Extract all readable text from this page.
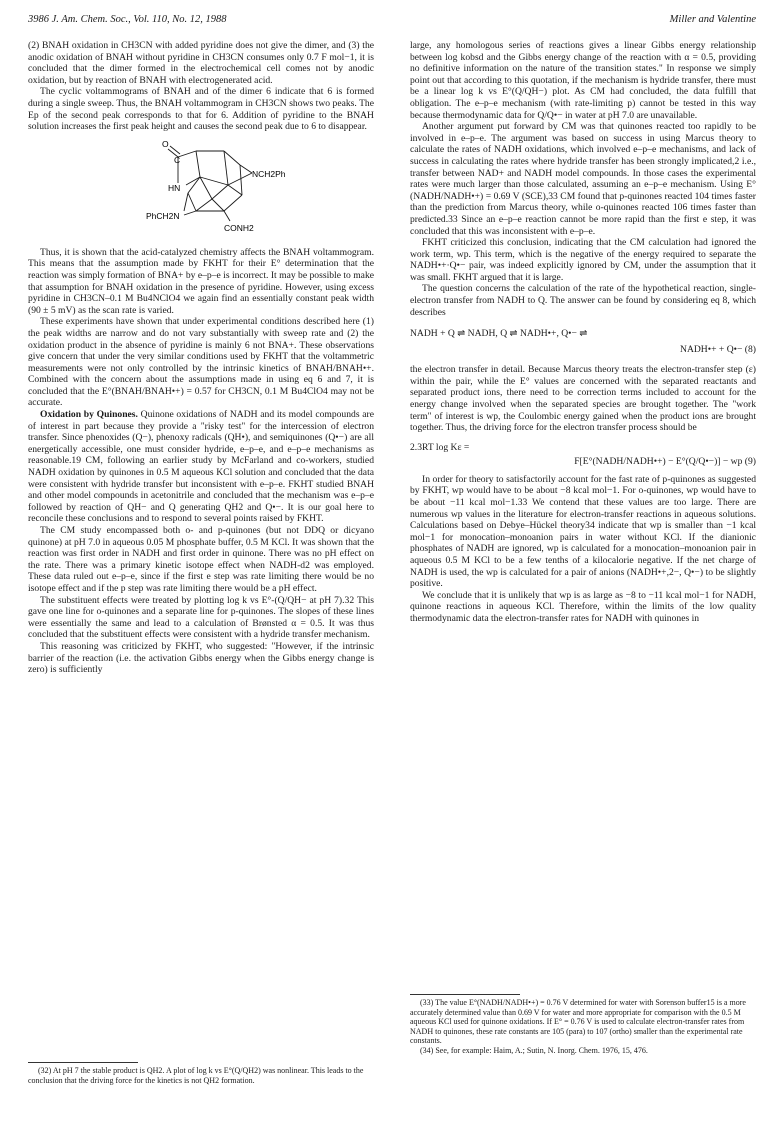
3986 J. Am. Chem. Soc., Vol. 110, No. 12, 1988	Miller and Valentine

(2) BNAH oxidation in CH3CN with added pyridine does not give the dimer, and (3) the anodic oxidation of BNAH without pyridine in CH3CN consumes only 0.7 F mol−1, it is concluded that the dimer formed in the electrochemical cell comes not by anodic oxidation, but by reaction of BNAH with electrogenerated acid.

The cyclic voltammograms of BNAH and of the dimer 6 indicate that 6 is formed during a single sweep. Thus, the BNAH voltammogram in CH3CN shows two peaks. The Ep of the second peak corresponds to that for 6. Addition of pyridine to the BNAH solution increases the first peak height and causes the second peak due to 6 to disappear.

O
C
HN
NCH2Ph
PhCH2N
CONH2

Thus, it is shown that the acid-catalyzed chemistry affects the BNAH voltammogram. This means that the assumption made by FKHT for their E° determination that the reaction was simply formation of BNA+ by e–p–e is incorrect. It may be possible to make that assumption for BNAH oxidation in the presence of pyridine. However, using excess pyridine in CH3CN–0.1 M Bu4NClO4 we again find an essentially constant peak width (90 ± 5 mV) as the scan rate is varied.

These experiments have shown that under experimental conditions described here (1) the peak widths are narrow and do not vary substantially with sweep rate and (2) the oxidation product in the absence of pyridine is mainly 6 not BNA+. These observations give concern that under the very similar conditions used by FKHT that the voltammetric measurements were not only controlled by the intrinsic kinetics of BNAH/BNAH•+. Combined with the concern about the assumptions made in using eq 6 and 7, it is concluded that the E°(BNAH/BNAH•+) = 0.57 for CH3CN, 0.1 M Bu4ClO4 may not be accurate.

Oxidation by Quinones. Quinone oxidations of NADH and its model compounds are of interest in part because they provide a "risky test" for the intercession of electron transfer. Since phenoxides (Q−), phenoxy radicals (QH•), and semiquinones (Q•−) are all energetically accessible, one must consider hydride, e–p–e, and e–p–e mechanisms as reasonable.19 CM, following an earlier study by McFarland and co-workers, studied NADH oxidation by quinones in 0.5 M aqueous KCl solution and concluded that the data were consistent with hydride transfer but inconsistent with e–p–e. FKHT studied BNAH and other model compounds in acetonitrile and concluded that the mechanism was e–p–e followed by reaction of QH− and Q generating QH2 and Q•−. It is our goal here to reconcile these conclusions and to respond to several points raised by FKHT.

The CM study encompassed both o- and p-quinones (but not DDQ or dicyano quinone) at pH 7.0 in aqueous 0.05 M phosphate buffer, 0.5 M KCl. It was shown that the reaction was first order in NADH and first order in quinone. There was no pH effect on the rate. There was a primary kinetic isotope effect when NADH-d2 was employed. These data ruled out e–p–e, since if the first e step was rate limiting there would be no isotope effect and if the p step was rate limiting there would be a pH effect.

The substituent effects were treated by plotting log k vs E°-(Q/QH− at pH 7).32 This gave one line for o-quinones and a separate line for p-quinones. The slopes of these lines were essentially the same and lead to a calculation of Brønsted α = 0.5. It was thus concluded that the substituent effects were consistent with a hydride transfer mechanism.

This reasoning was criticized by FKHT, who suggested: "However, if the intrinsic barrier of the reaction (i.e. the activation Gibbs energy when the Gibbs energy change is zero) is sufficiently

(32) At pH 7 the stable product is QH2. A plot of log k vs E°(Q/QH2) was nonlinear. This leads to the conclusion that the driving force for the kinetics is not QH2 formation.

large, any homologous series of reactions gives a linear Gibbs energy relationship between log kobsd and the Gibbs energy change of the reaction with α = 0.5, providing no definitive information on the nature of the transition states." In response we simply point out that according to this quotation, if the mechanism is hydride transfer, there must be a linear log k vs E°(Q/QH−) plot. As CM had concluded, the data fulfill that obligation. The e–p–e mechanism (with rate-limiting p) cannot be tested in this way because thermodynamic data for Q/Q•− in water at pH 7.0 are unavailable.

Another argument put forward by CM was that quinones reacted too rapidly to be involved in e–p–e. The argument was based on success in using Marcus theory to calculate the rates of NADH oxidations, which involved e–p–e mechanisms, and lack of success in calculating the rates where hydride transfer has been strongly implicated,2 i.e., transfer between NAD+ and NADH model compounds. In those cases the experimental rates were much larger than those calculated, assuming an e–p–e mechanism. Using E°(NADH/NADH•+) = 0.69 V (SCE),33 CM found that p-quinones reacted 104 times faster than the prediction from Marcus theory, while o-quinones reacted 106 times faster than predicted.33 Since an e–p–e reaction cannot be more rapid than the first e step, it was concluded that this was inconsistent with e–p–e.

FKHT criticized this conclusion, indicating that the CM calculation had ignored the work term, wp. This term, which is the negative of the energy required to separate the NADH•+·Q•− pair, was indeed explicitly ignored by CM, under the assumption that it was small. FKHT argued that it is large.

The question concerns the calculation of the rate of the hypothetical reaction, single-electron transfer from NADH to Q. The answer can be found by considering eq 8, which describes

NADH + Q ⇌ NADH, Q ⇌ NADH•+, Q•− ⇌
NADH•+ + Q•− (8)

the electron transfer in detail. Because Marcus theory treats the electron-transfer step (ε) within the pair, while the E° values are concerned with the separated reactants and separated product ions, there need to be correction terms included to account for the energy change involved when the separated species are brought together. The "work term" of interest is wp, the Coulombic energy gained when the product ions are brought together. Thus, the driving force for the electron transfer process should be

2.3RT log Kε =
F[E°(NADH/NADH•+) − E°(Q/Q•−)] − wp (9)

In order for theory to satisfactorily account for the fast rate of p-quinones as suggested by FKHT, wp would have to be about −8 kcal mol−1. For o-quinones, wp would have to be about −11 kcal mol−1.33 We contend that these values are too large. There are numerous wp values in the literature for electron-transfer reactions in aqueous solutions. Calculations based on Debye–Hückel theory34 indicate that wp is smaller than −1 kcal mol−1 for monocation–monoanion pairs in water without KCl. If the dianionic phosphates of NADH are ignored, wp is calculated for a monocation–monoanion pair in aqueous 0.5 M KCl to be a few tenths of a kilocalorie negative. If the net charge of NADH is used, the wp is calculated for a pair of anions (NADH•+,2−, Q•−) to be slightly positive.

We conclude that it is unlikely that wp is as large as −8 to −11 kcal mol−1 for NADH, quinone reactions in aqueous KCl. Therefore, within the limits of the low quality thermodynamic data the electron-transfer rates for NADH with quinones in

(33) The value E°(NADH/NADH•+) = 0.76 V determined for water with Sorenson buffer15 is a more accurately determined value than 0.69 V for water and more appropriate for comparison with the 0.5 M aqueous KCl used for quinone oxidations. If E° = 0.76 V is used to calculate electron-transfer rates from NADH to quinones, these rate constants are 105 (para) to 107 (ortho) smaller than the experimental rate constants.

(34) See, for example: Haim, A.; Sutin, N. Inorg. Chem. 1976, 15, 476.
